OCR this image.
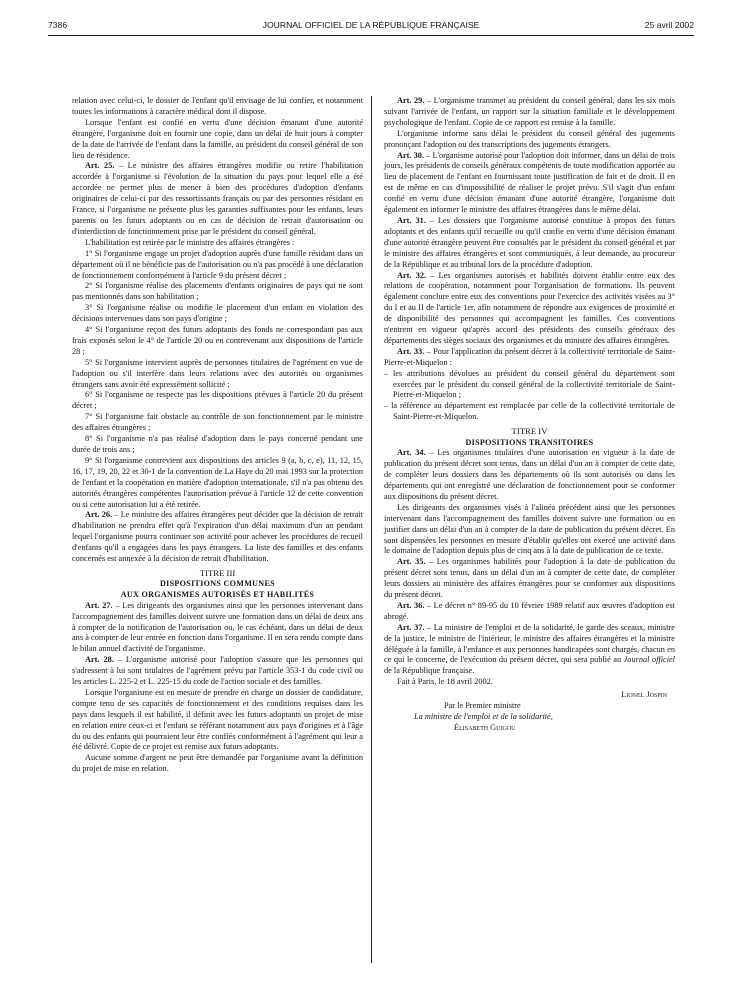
7386	JOURNAL OFFICIEL DE LA RÉPUBLIQUE FRANÇAISE	25 avril 2002

relation avec celui-ci, le dossier de l'enfant qu'il envisage de lui confier, et notamment toutes les informations à caractère médical dont il dispose.

Lorsque l'enfant est confié en vertu d'une décision émanant d'une autorité étrangère, l'organisme doit en fournir une copie, dans un délai de huit jours à compter de la date de l'arrivée de l'enfant dans la famille, au président du conseil général de son lieu de résidence.

Art. 25. – Le ministre des affaires étrangères modifie ou retire l'habilitation accordée à l'organisme si l'évolution de la situation du pays pour lequel elle a été accordée ne permet plus de mener à bien des procédures d'adoption d'enfants originaires de celui-ci par des ressortissants français ou par des personnes résidant en France, si l'organisme ne présente plus les garanties suffisantes pour les enfants, leurs parents ou les futurs adoptants ou en cas de décision de retrait d'autorisation ou d'interdiction de fonctionnement prise par le président du conseil général.

L'habilitation est retirée par le ministre des affaires étrangères :

1° Si l'organisme engage un projet d'adoption auprès d'une famille résidant dans un département où il ne bénéficie pas de l'autorisation ou n'a pas procédé à une déclaration de fonctionnement conformément à l'article 9 du présent décret ;

2° Si l'organisme réalise des placements d'enfants originaires de pays qui ne sont pas mentionnés dans son habilitation ;

3° Si l'organisme réalise ou modifie le placement d'un enfant en violation des décisions intervenues dans son pays d'origine ;

4° Si l'organisme reçoit des futurs adoptants des fonds ne correspondant pas aux frais exposés selon le 4° de l'article 20 ou en contrevenant aux dispositions de l'article 28 ;

5° Si l'organisme intervient auprès de personnes titulaires de l'agrément en vue de l'adoption ou s'il interfère dans leurs relations avec des autorités ou organismes étrangers sans avoir été expressément sollicité ;

6° Si l'organisme ne respecte pas les dispositions prévues à l'article 20 du présent décret ;

7° Si l'organisme fait obstacle au contrôle de son fonctionnement par le ministre des affaires étrangères ;

8° Si l'organisme n'a pas réalisé d'adoption dans le pays concerné pendant une durée de trois ans ;

9° Si l'organisme contrevient aux dispositions des articles 9 (a, b, c, e), 11, 12, 15, 16, 17, 19, 20, 22 et 30-1 de la convention de La Haye du 20 mai 1993 sur la protection de l'enfant et la coopération en matière d'adoption internationale, s'il n'a pas obtenu des autorités étrangères compétentes l'autorisation prévue à l'article 12 de cette convention ou si cette autorisation lui a été retirée.

Art. 26. – Le ministre des affaires étrangères peut décider que la décision de retrait d'habilitation ne prendra effet qu'à l'expiration d'un délai maximum d'un an pendant lequel l'organisme pourra continuer son activité pour achever les procédures de recueil d'enfants qu'il a engagées dans les pays étrangers. La liste des familles et des enfants concernés est annexée à la décision de retrait d'habilitation.

TITRE III

DISPOSITIONS COMMUNES

AUX ORGANISMES AUTORISÉS ET HABILITÉS

Art. 27. – Les dirigeants des organismes ainsi que les personnes intervenant dans l'accompagnement des familles doivent suivre une formation dans un délai de deux ans à compter de la notification de l'autorisation ou, le cas échéant, dans un délai de deux ans à compter de leur entrée en fonction dans l'organisme. Il en sera rendu compte dans le bilan annuel d'activité de l'organisme.

Art. 28. – L'organisme autorisé pour l'adoption s'assure que les personnes qui s'adressent à lui sont titulaires de l'agrément prévu par l'article 353-1 du code civil ou les articles L. 225-2 et L. 225-15 du code de l'action sociale et des familles.

Lorsque l'organisme est en mesure de prendre en charge un dossier de candidature, compte tenu de ses capacités de fonctionnement et des conditions requises dans les pays dans lesquels il est habilité, il définit avec les futurs adoptants un projet de mise en relation entre ceux-ci et l'enfant se référant notamment aux pays d'origines et à l'âge du ou des enfants qui pourraient leur être confiés conformément à l'agrément qui leur a été délivré. Copie de ce projet est remise aux futurs adoptants.

Aucune somme d'argent ne peut être demandée par l'organisme avant la définition du projet de mise en relation.

Art. 29. – L'organisme transmet au président du conseil général, dans les six mois suivant l'arrivée de l'enfant, un rapport sur la situation familiale et le développement psychologique de l'enfant. Copie de ce rapport est remise à la famille.

L'organisme informe sans délai le président du conseil général des jugements prononçant l'adoption ou des transcriptions des jugements étrangers.

Art. 30. – L'organisme autorisé pour l'adoption doit informer, dans un délai de trois jours, les présidents de conseils généraux compétents de toute modification apportée au lieu de placement de l'enfant en fournissant toute justification de fait et de droit. Il en est de même en cas d'impossibilité de réaliser le projet prévu. S'il s'agit d'un enfant confié en vertu d'une décision émanant d'une autorité étrangère, l'organisme doit également en informer le ministre des affaires étrangères dans le même délai.

Art. 31. – Les dossiers que l'organisme autorisé constitue à propos des futurs adoptants et des enfants qu'il recueille ou qu'il confie en vertu d'une décision émanant d'une autorité étrangère peuvent être consultés par le président du conseil général et par le ministre des affaires étrangères et sont communiqués, à leur demande, au procureur de la République et au tribunal lors de la procédure d'adoption.

Art. 32. – Les organismes autorisés et habilités doivent établir entre eux des relations de coopération, notamment pour l'organisation de formations. Ils peuvent également conclure entre eux des conventions pour l'exercice des activités visées au 3° du I et au II de l'article 1er, afin notamment de répondre aux exigences de proximité et de disponibilité des personnes qui accompagnent les familles. Ces conventions n'entrent en vigueur qu'après accord des présidents des conseils généraux des départements des sièges sociaux des organismes et du ministre des affaires étrangères.

Art. 33. – Pour l'application du présent décret à la collectivité territoriale de Saint-Pierre-et-Miquelon :

– les attributions dévolues au président du conseil général du département sont exercées par le président du conseil général de la collectivité territoriale de Saint-Pierre-et-Miquelon ;

– la référence au département est remplacée par celle de la collectivité territoriale de Saint-Pierre-et-Miquelon.

TITRE IV

DISPOSITIONS TRANSITOIRES

Art. 34. – Les organismes titulaires d'une autorisation en vigueur à la date de publication du présent décret sont tenus, dans un délai d'un an à compter de cette date, de compléter leurs dossiers dans les départements où ils sont autorisés ou dans les départements qui ont enregistré une déclaration de fonctionnement pour se conformer aux dispositions du présent décret.

Les dirigeants des organismes visés à l'alinéa précédent ainsi que les personnes intervenant dans l'accompagnement des familles doivent suivre une formation ou en justifier dans un délai d'un an à compter de la date de publication du présent décret. En sont dispensées les personnes en mesure d'établir qu'elles ont exercé une activité dans le domaine de l'adoption depuis plus de cinq ans à la date de publication de ce texte.

Art. 35. – Les organismes habilités pour l'adoption à la date de publication du présent décret sont tenus, dans un délai d'un an à compter de cette date, de compléter leurs dossiers au ministère des affaires étrangères pour se conformer aux dispositions du présent décret.

Art. 36. – Le décret n° 89-95 du 10 février 1989 relatif aux œuvres d'adoption est abrogé.

Art. 37. – La ministre de l'emploi et de la solidarité, le garde des sceaux, ministre de la justice, le ministre de l'intérieur, le ministre des affaires étrangères et la ministre déléguée à la famille, à l'enfance et aux personnes handicapées sont chargés, chacun en ce qui le concerne, de l'exécution du présent décret, qui sera publié au Journal officiel de la République française.

Fait à Paris, le 18 avril 2002.

Lionel Jospin

Par le Premier ministre

La ministre de l'emploi et de la solidarité,

Élisabeth Guigou
